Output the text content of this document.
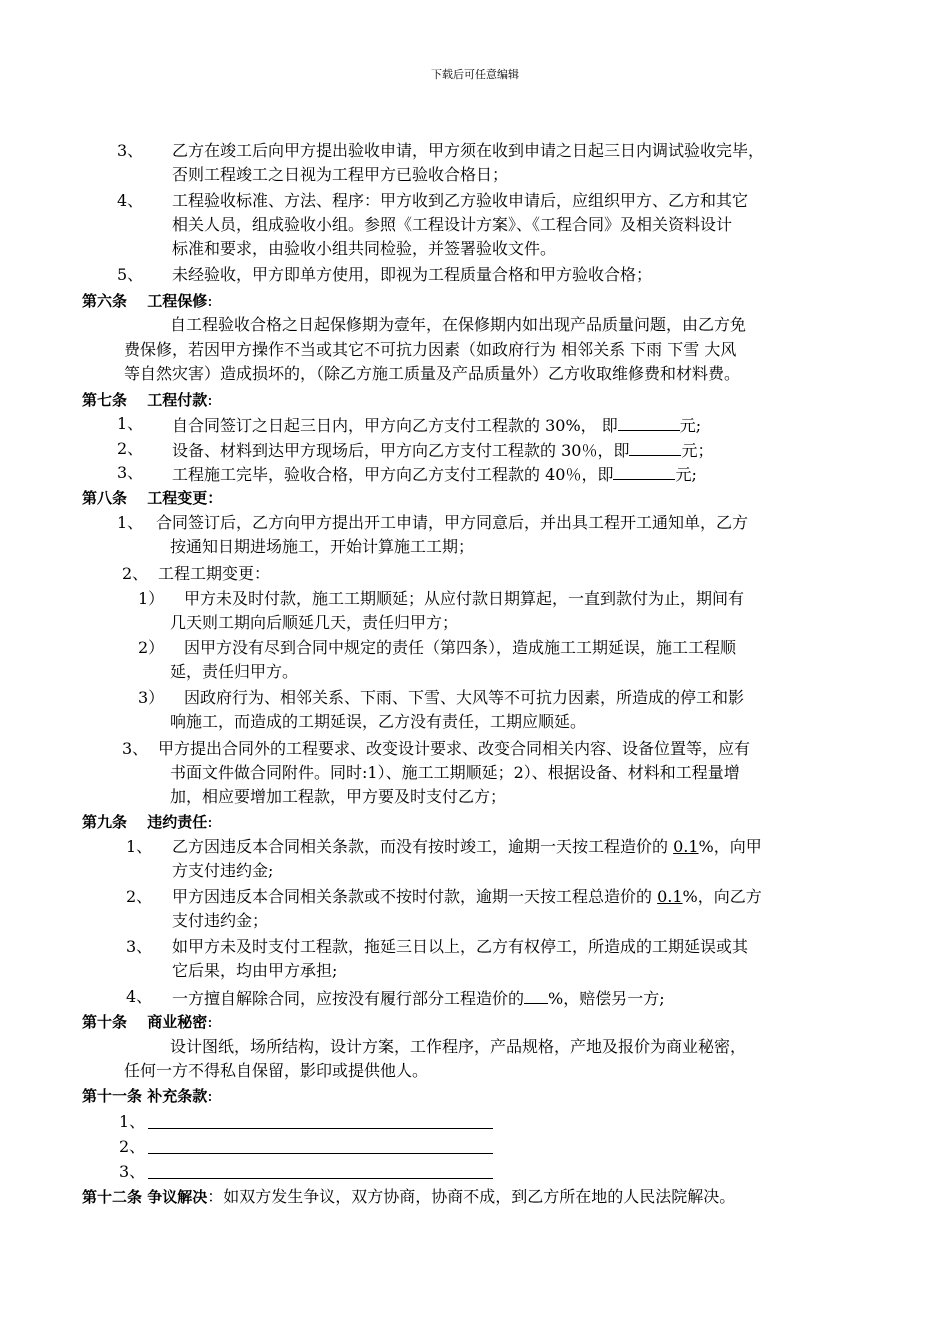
下载后可任意编辑
3、 乙方在竣工后向甲方提出验收申请，甲方须在收到申请之日起三日内调试验收完毕，
否则工程竣工之日视为工程甲方已验收合格日；
4、 工程验收标准、方法、程序：甲方收到乙方验收申请后，应组织甲方、乙方和其它
相关人员，组成验收小组。参照《工程设计方案》、《工程合同》及相关资料设计
标准和要求，由验收小组共同检验，并签署验收文件。
5、 未经验收，甲方即单方使用，即视为工程质量合格和甲方验收合格；
第六条　 工程保修:
自工程验收合格之日起保修期为壹年，在保修期内如出现产品质量问题，由乙方免
费保修，若因甲方操作不当或其它不可抗力因素（如政府行为 相邻关系 下雨 下雪 大风
等自然灾害）造成损坏的，（除乙方施工质量及产品质量外）乙方收取维修费和材料费。
第七条　 工程付款:
1、 自合同签订之日起三日内，甲方向乙方支付工程款的 30%， 即	元;
2、 设备、材料到达甲方现场后，甲方向乙方支付工程款的 30％，即	元；
3、 工程施工完毕，验收合格，甲方向乙方支付工程款的 40％，即	元;
第八条　 工程变更：
1、 合同签订后，乙方向甲方提出开工申请，甲方同意后，并出具工程开工通知单，乙方
按通知日期进场施工，开始计算施工工期；
2、 工程工期变更：
1） 甲方未及时付款，施工工期顺延；从应付款日期算起，一直到款付为止，期间有
几天则工期向后顺延几天，责任归甲方；
2） 因甲方没有尽到合同中规定的责任（第四条），造成施工工期延误，施工工程顺
延，责任归甲方。
3） 因政府行为、相邻关系、下雨、下雪、大风等不可抗力因素，所造成的停工和影
响施工，而造成的工期延误，乙方没有责任，工期应顺延。
3、 甲方提出合同外的工程要求、改变设计要求、改变合同相关内容、设备位置等，应有
书面文件做合同附件。同时:1）、施工工期顺延；2）、根据设备、材料和工程量增
加，相应要增加工程款，甲方要及时支付乙方；
第九条　 违约责任:
1、 乙方因违反本合同相关条款，而没有按时竣工，逾期一天按工程造价的 0.1%，向甲
方支付违约金;
2、 甲方因违反本合同相关条款或不按时付款，逾期一天按工程总造价的 0.1%，向乙方
支付违约金；
3、 如甲方未及时支付工程款，拖延三日以上，乙方有权停工，所造成的工期延误或其
它后果，均由甲方承担;
4、 一方擅自解除合同，应按没有履行部分工程造价的 %，赔偿另一方;
第十条　 商业秘密:
设计图纸，场所结构，设计方案，工作程序，产品规格，产地及报价为商业秘密，
任何一方不得私自保留，影印或提供他人。
第十一条 补充条款:
1、
2、
3、
第十二条 争议解决：如双方发生争议，双方协商，协商不成，到乙方所在地的人民法院解决。
